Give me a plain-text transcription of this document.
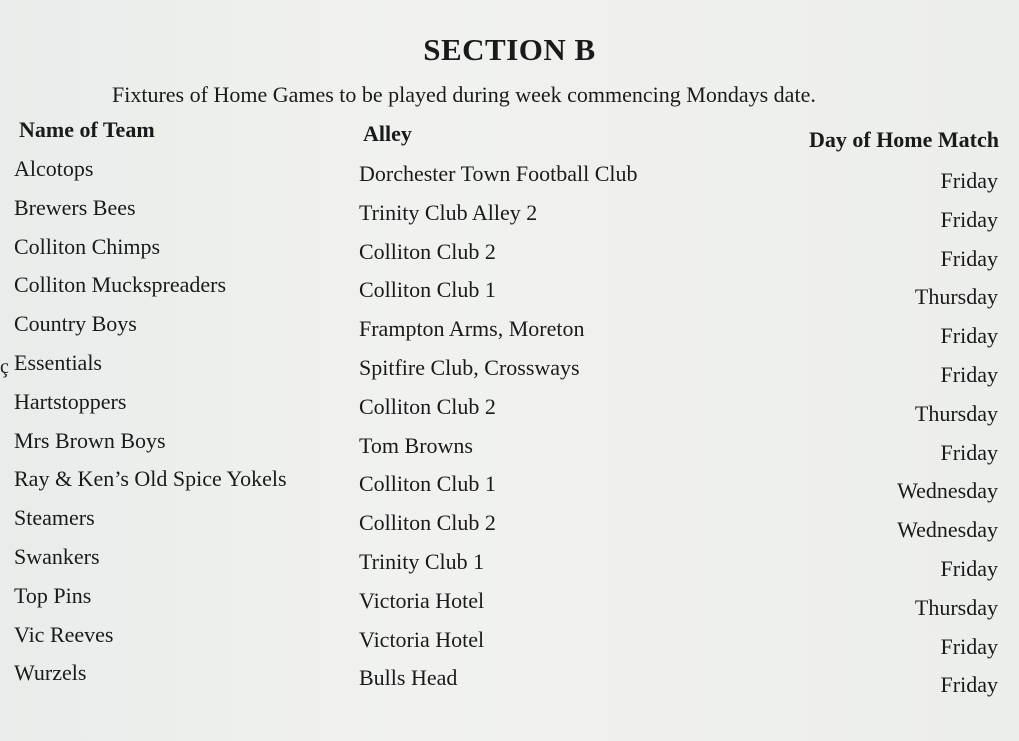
SECTION B
Fixtures of Home Games to be played during week commencing Mondays date.
Name of Team	Alley	Day of Home Match
ç
Alcotops
Brewers Bees
Colliton Chimps
Colliton Muckspreaders
Country Boys
Essentials
Hartstoppers
Mrs Brown Boys
Ray & Ken’s Old Spice Yokels
Steamers
Swankers
Top Pins
Vic Reeves
Wurzels
Dorchester Town Football Club
Trinity Club Alley 2
Colliton Club 2
Colliton Club 1
Frampton Arms, Moreton
Spitfire Club, Crossways
Colliton Club 2
Tom Browns
Colliton Club 1
Colliton Club 2
Trinity Club 1
Victoria Hotel
Victoria Hotel
Bulls Head
Friday
Friday
Friday
Thursday
Friday
Friday
Thursday
Friday
Wednesday
Wednesday
Friday
Thursday
Friday
Friday
